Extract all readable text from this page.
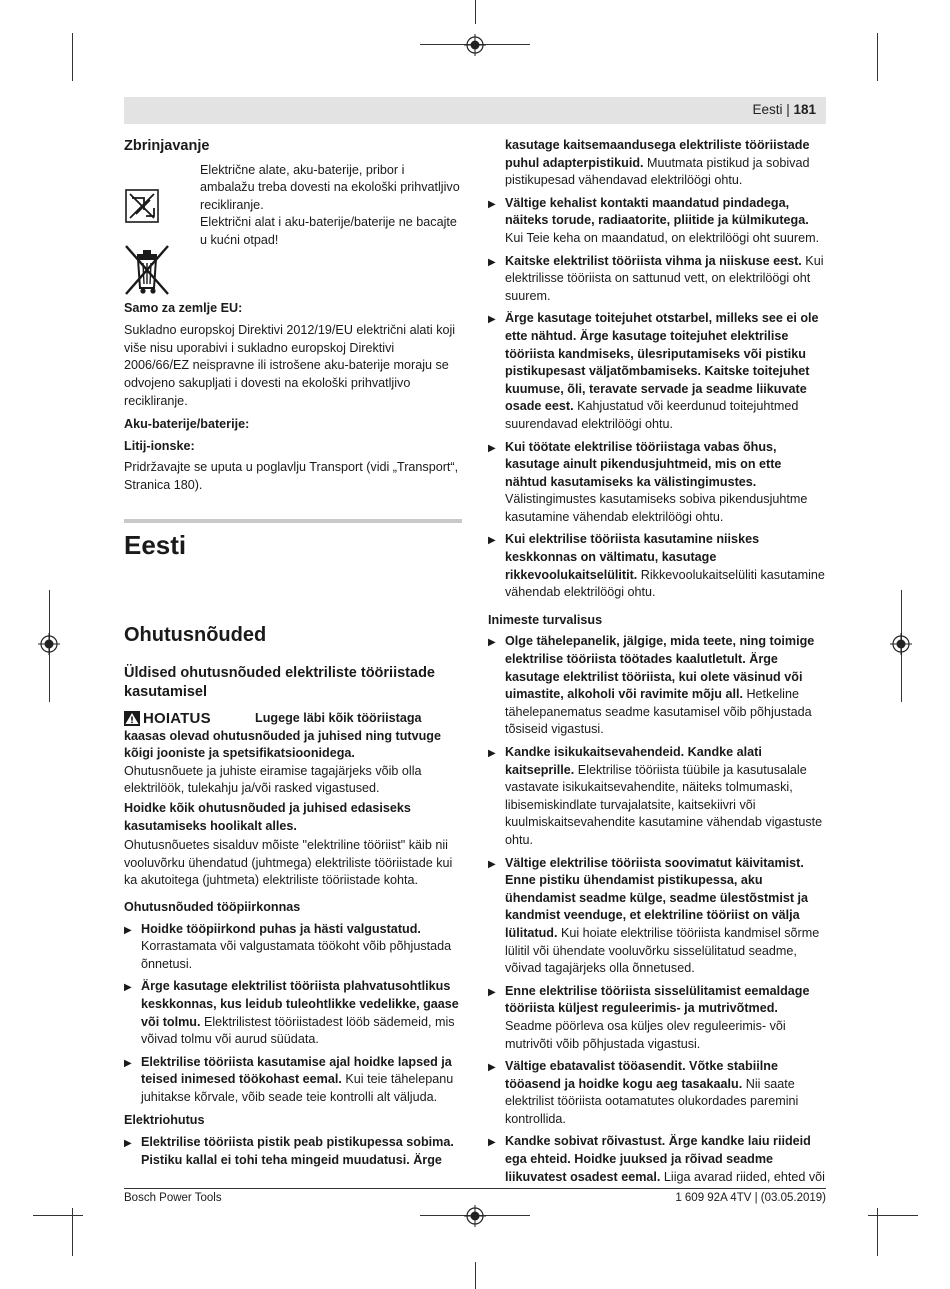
Eesti | 181
Zbrinjavanje

Električne alate, aku-baterije, pribor i ambalažu treba dovesti na ekološki prihvatljivo recikliranje.

Električni alat i aku-baterije/baterije ne bacajte u kućni otpad!

Samo za zemlje EU:

Sukladno europskoj Direktivi 2012/19/EU električni alati koji više nisu uporabivi i sukladno europskoj Direktivi 2006/66/EZ neispravne ili istrošene aku-baterije moraju se odvojeno sakupljati i dovesti na ekološki prihvatljivo recikliranje.

Aku-baterije/baterije:

Litij-ionske:

Pridržavajte se uputa u poglavlju Transport (vidi „Transport“, Stranica 180).

Eesti
Ohutusnõuded

Üldised ohutusnõuded elektriliste tööriistade kasutamisel

HOIATUS	Lugege läbi kõik tööriistaga kaasas olevad ohutusnõuded ja juhised ning tutvuge kõigi jooniste ja spetsifikatsioonidega.

Ohutusnõuete ja juhiste eiramise tagajärjeks võib olla elektrilöök, tulekahju ja/või rasked vigastused.

Hoidke kõik ohutusnõuded ja juhised edasiseks kasutamiseks hoolikalt alles.

Ohutusnõuetes sisalduv mõiste "elektriline tööriist" käib nii vooluvõrku ühendatud (juhtmega) elektriliste tööriistade kui ka akutoitega (juhtmeta) elektriliste tööriistade kohta.

Ohutusnõuded tööpiirkonnas

▶ Hoidke tööpiirkond puhas ja hästi valgustatud. Korrastamata või valgustamata töökoht võib põhjustada õnnetusi.
▶ Ärge kasutage elektrilist tööriista plahvatusohtlikus keskkonnas, kus leidub tuleohtlikke vedelikke, gaase või tolmu. Elektrilistest tööriistadest lööb sädemeid, mis võivad tolmu või aurud süüdata.
▶ Elektrilise tööriista kasutamise ajal hoidke lapsed ja teised inimesed töökohast eemal. Kui teie tähelepanu juhitakse kõrvale, võib seade teie kontrolli alt väljuda.

Elektriohutus

▶ Elektrilise tööriista pistik peab pistikupessa sobima. Pistiku kallal ei tohi teha mingeid muudatusi. Ärge

kasutage kaitsemaandusega elektriliste tööriistade puhul adapterpistikuid. Muutmata pistikud ja sobivad pistikupesad vähendavad elektrilöögi ohtu.

▶ Vältige kehalist kontakti maandatud pindadega, näiteks torude, radiaatorite, pliitide ja külmikutega. Kui Teie keha on maandatud, on elektrilöögi oht suurem.
▶ Kaitske elektrilist tööriista vihma ja niiskuse eest. Kui elektrilisse tööriista on sattunud vett, on elektrilöögi oht suurem.
▶ Ärge kasutage toitejuhet otstarbel, milleks see ei ole ette nähtud. Ärge kasutage toitejuhet elektrilise tööriista kandmiseks, ülesriputamiseks või pistiku pistikupesast väljatõmbamiseks. Kaitske toitejuhet kuumuse, õli, teravate servade ja seadme liikuvate osade eest. Kahjustatud või keerdunud toitejuhtmed suurendavad elektrilöögi ohtu.
▶ Kui töötate elektrilise tööriistaga vabas õhus, kasutage ainult pikendusjuhtmeid, mis on ette nähtud kasutamiseks ka välistingimustes. Välistingimustes kasutamiseks sobiva pikendusjuhtme kasutamine vähendab elektrilöögi ohtu.
▶ Kui elektrilise tööriista kasutamine niiskes keskkonnas on vältimatu, kasutage rikkevoolukaitselülitit. Rikkevoolukaitselüliti kasutamine vähendab elektrilöögi ohtu.

Inimeste turvalisus

▶ Olge tähelepanelik, jälgige, mida teete, ning toimige elektrilise tööriista töötades kaalutletult. Ärge kasutage elektrilist tööriista, kui olete väsinud või uimastite, alkoholi või ravimite mõju all. Hetkeline tähelepanematus seadme kasutamisel võib põhjustada tõsiseid vigastusi.
▶ Kandke isikukaitsevahendeid. Kandke alati kaitseprille. Elektrilise tööriista tüübile ja kasutusalale vastavate isikukaitsevahendite, näiteks tolmumaski, libisemiskindlate turvajalatsite, kaitsekiivri või kuulmiskaitsevahendite kasutamine vähendab vigastuste ohtu.
▶ Vältige elektrilise tööriista soovimatut käivitamist. Enne pistiku ühendamist pistikupessa, aku ühendamist seadme külge, seadme ülestõstmist ja kandmist veenduge, et elektriline tööriist on välja lülitatud. Kui hoiate elektrilise tööriista kandmisel sõrme lülitil või ühendate vooluvõrku sisselülitatud seadme, võivad tagajärjeks olla õnnetused.
▶ Enne elektrilise tööriista sisselülitamist eemaldage tööriista küljest reguleerimis- ja mutrivõtmed. Seadme pöörleva osa küljes olev reguleerimis- või mutrivõti võib põhjustada vigastusi.
▶ Vältige ebatavalist tööasendit. Võtke stabiilne tööasend ja hoidke kogu aeg tasakaalu. Nii saate elektrilist tööriista ootamatutes olukordades paremini kontrollida.
▶ Kandke sobivat rõivastust. Ärge kandke laiu riideid ega ehteid. Hoidke juuksed ja rõivad seadme liikuvatest osadest eemal. Liiga avarad riided, ehted või
Bosch Power Tools	1 609 92A 4TV | (03.05.2019)
